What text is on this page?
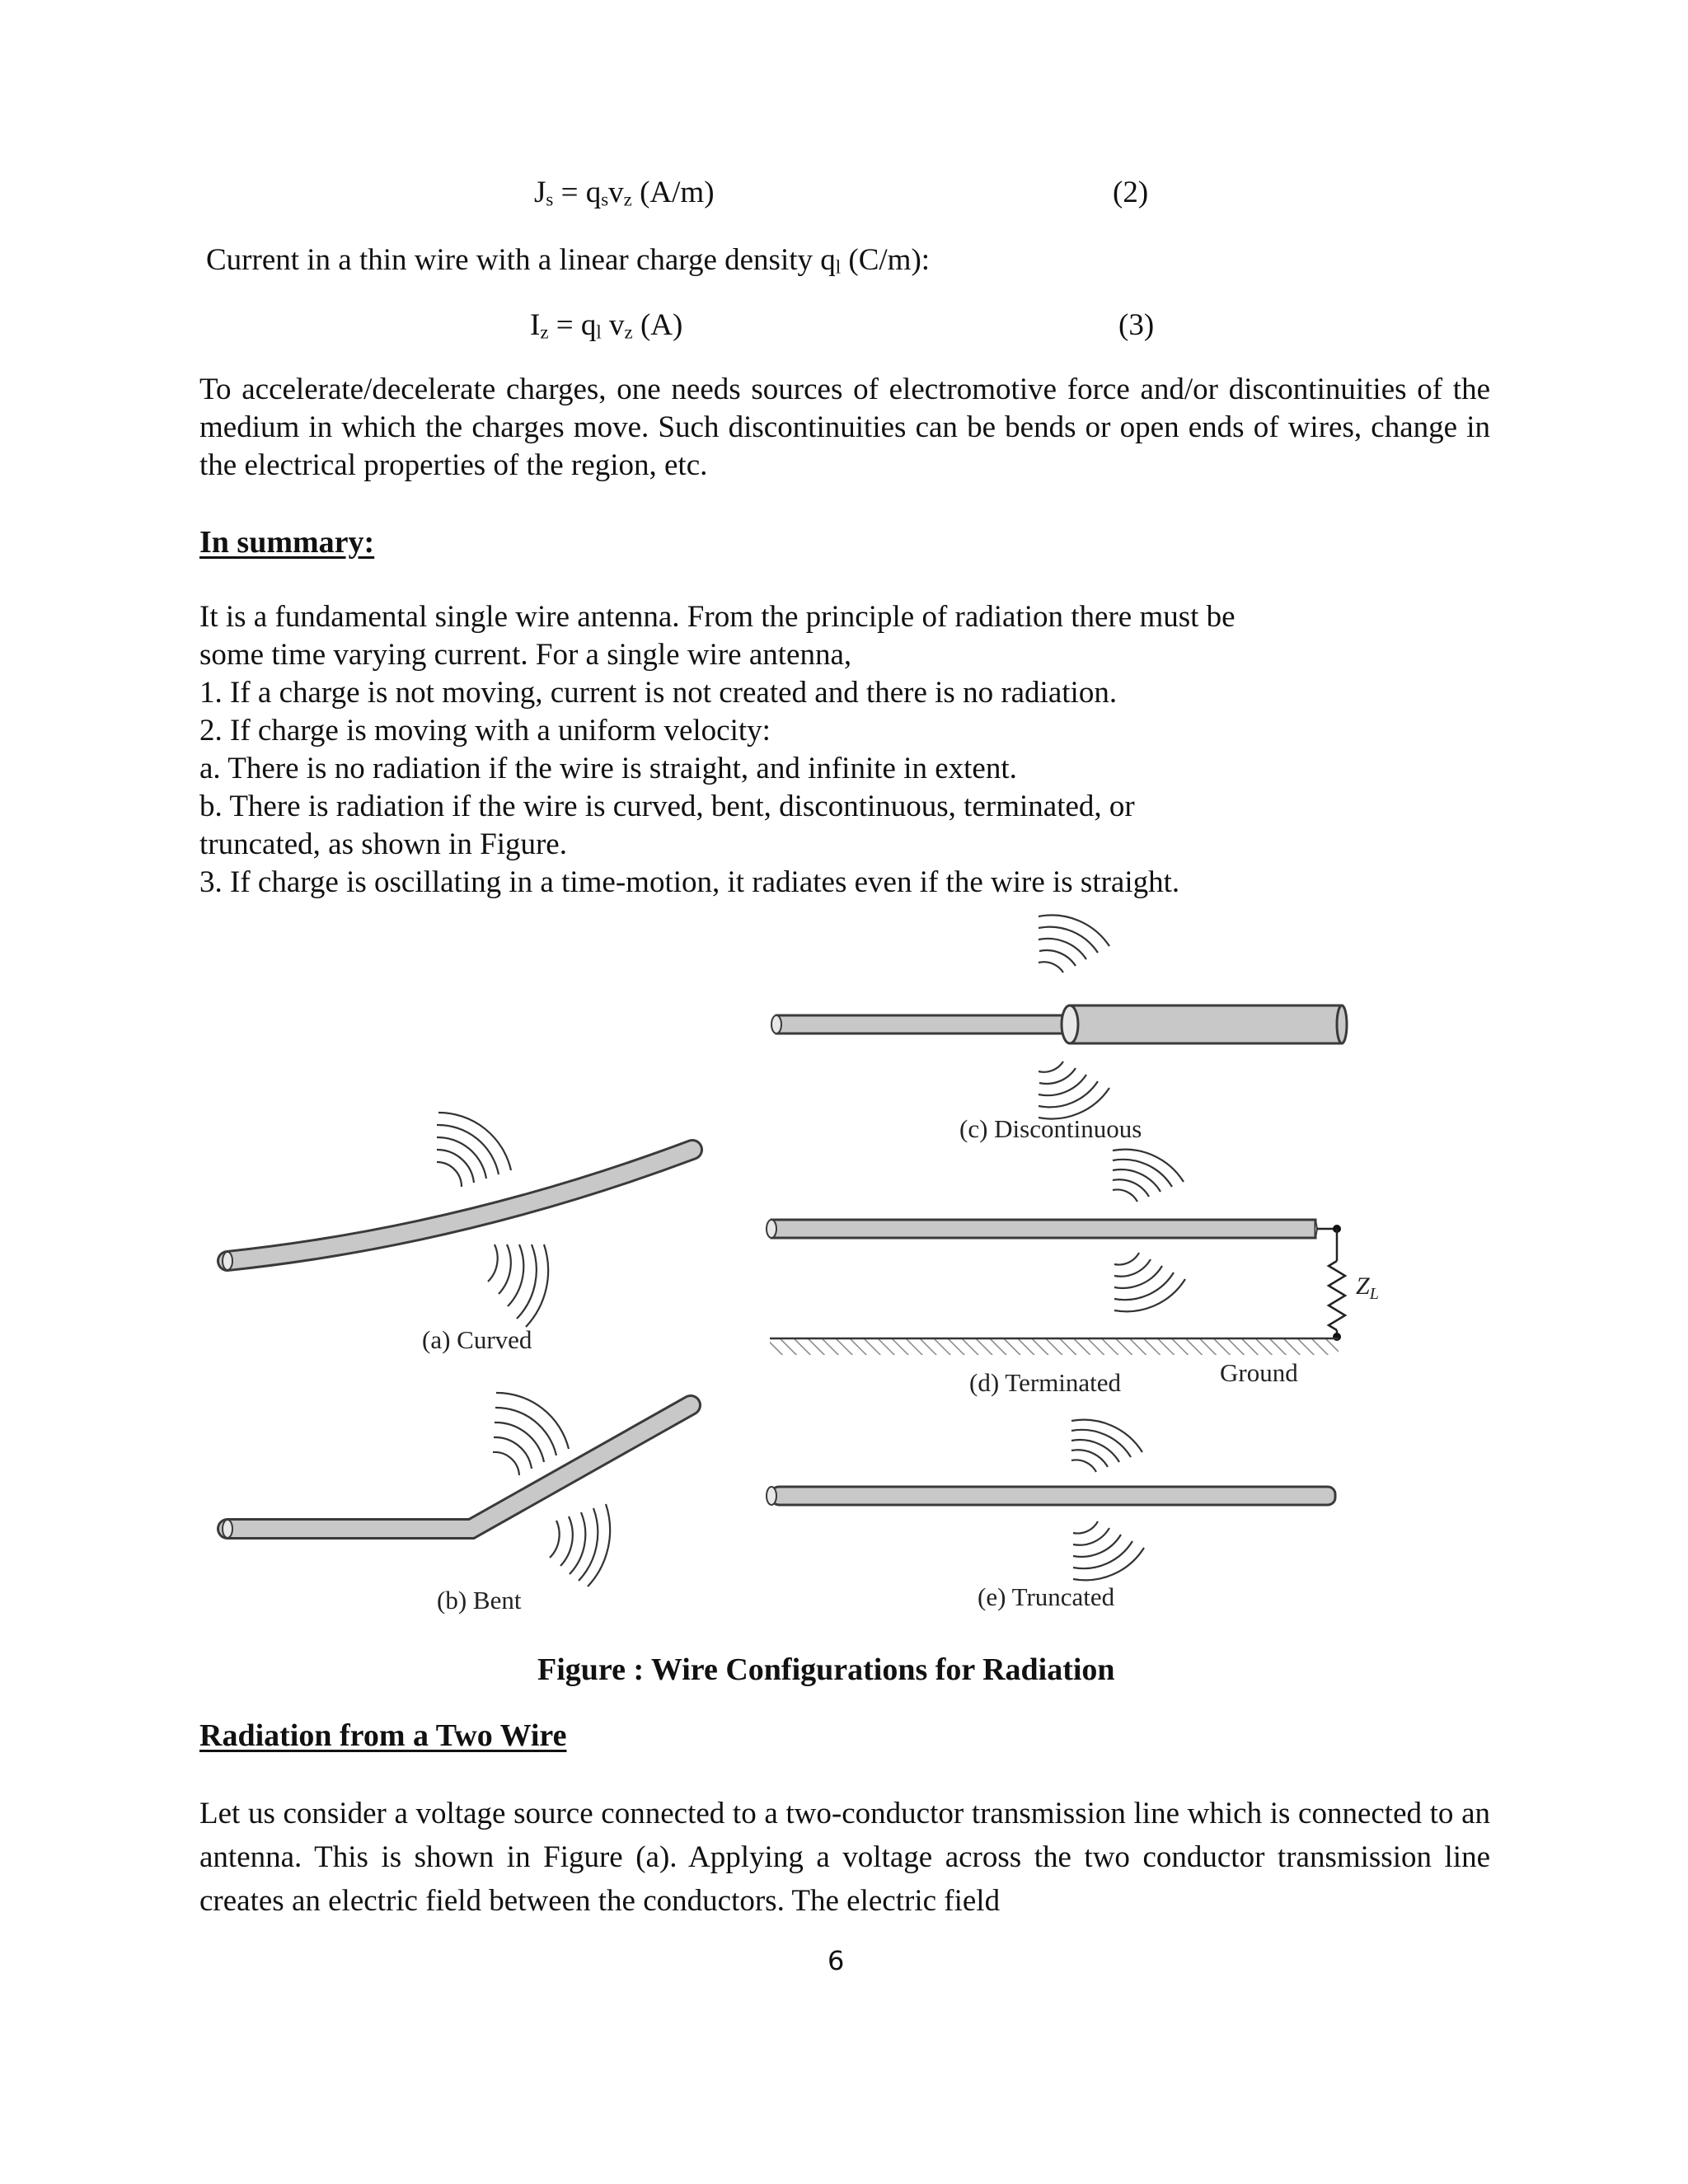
$J_s = q_sv_z$ (A/m)	(2)
Current in a thin wire with a linear charge density $q_l$ (C/m):
$I_z = q_l$ $v_z$ (A)	(3)
To accelerate/decelerate charges, one needs sources of electromotive force and/or discontinuities of the medium in which the charges move. Such discontinuities can be bends or open ends of wires, change in the electrical properties of the region, etc.
In summary:
It is a fundamental single wire antenna. From the principle of radiation there must be
some time varying current. For a single wire antenna,
1. If a charge is not moving, current is not created and there is no radiation.
2. If charge is moving with a uniform velocity:
a. There is no radiation if the wire is straight, and infinite in extent.
b. There is radiation if the wire is curved, bent, discontinuous, terminated, or
truncated, as shown in Figure.
3. If charge is oscillating in a time-motion, it radiates even if the wire is straight.
(a) Curved
(b) Bent
(c) Discontinuous
$Z_L$
Ground
(d) Terminated
(e) Truncated
Figure : Wire Configurations for Radiation
Radiation from a Two Wire
Let us consider a voltage source connected to a two-conductor transmission line which is connected to an antenna. This is shown in Figure (a). Applying a voltage across the two conductor transmission line creates an electric field between the conductors. The electric field
6
